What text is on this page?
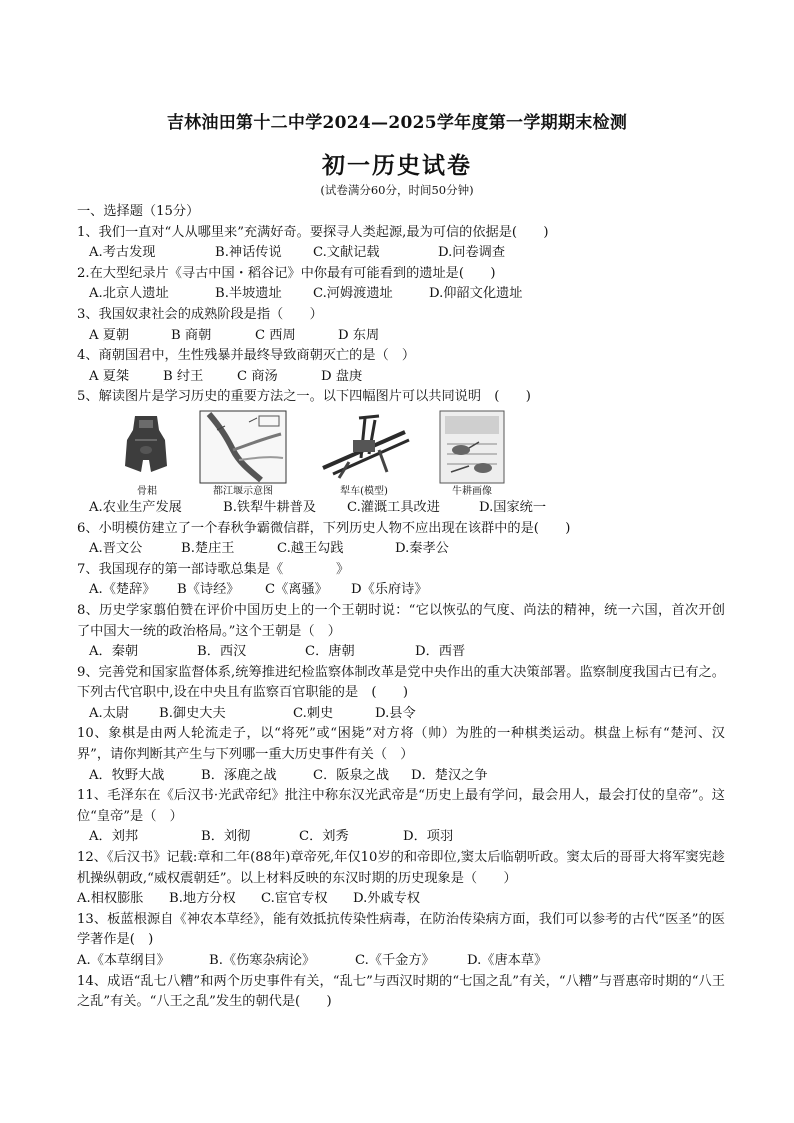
吉林油田第十二中学2024—2025学年度第一学期期末检测
初一历史试卷
(试卷满分60分，时间50分钟)
一、选择题（15分）
1、我们一直对“人从哪里来”充满好奇。要探寻人类起源,最为可信的依据是(　　)
A.考古发现	B.神话传说 C.文献记载	D.问卷调查
2.在大型纪录片《寻古中国・稻谷记》中你最有可能看到的遗址是(　　)
A.北京人遗址	B.半坡遗址 C.河姆渡遗址	D.仰韶文化遗址
3、我国奴隶社会的成熟阶段是指（　　）
A 夏朝	B 商朝	C 西周	D 东周
4、商朝国君中，生性残暴并最终导致商朝灭亡的是（　）
A 夏桀	B 纣王	C 商汤	D 盘庚
5、解读图片是学习历史的重要方法之一。以下四幅图片可以共同说明　(　　)
骨耜	都江堰示意图	犁车(模型)	牛耕画像
A.农业生产发展	B.铁犁牛耕普及 C.灌溉工具改进	D.国家统一
6、小明模仿建立了一个春秋争霸微信群，下列历史人物不应出现在该群中的是(　　)
A.晋文公	B.楚庄王	C.越王勾践	D.秦孝公
7、我国现存的第一部诗歌总集是《　　　　》
A.《楚辞》 B《诗经》 C《离骚》 D《乐府诗》
8、历史学家翦伯赞在评价中国历史上的一个王朝时说：“它以恢弘的气度、尚法的精神，统一六国，首次开创了中国大一统的政治格局。”这个王朝是（　）
A．秦朝	B．西汉	C．唐朝	D．西晋
9、完善党和国家监督体系,统筹推进纪检监察体制改革是党中央作出的重大决策部署。监察制度我国古已有之。下列古代官职中,设在中央且有监察百官职能的是　(　　)
A.太尉 B.御史大夫	C.刺史	D.县令
10、象棋是由两人轮流走子，以“将死”或“困毙”对方将（帅）为胜的一种棋类运动。棋盘上标有“楚河、汉界”，请你判断其产生与下列哪一重大历史事件有关（　）
A．牧野大战	B．涿鹿之战	C．阪泉之战 D．楚汉之争
11、毛泽东在《后汉书·光武帝纪》批注中称东汉光武帝是“历史上最有学问，最会用人，最会打仗的皇帝”。这位“皇帝”是（　）
A．刘邦	B．刘彻	C．刘秀	D．项羽
12、《后汉书》记载:章和二年(88年)章帝死,年仅10岁的和帝即位,窦太后临朝听政。窦太后的哥哥大将军窦宪趁机操纵朝政,“威权震朝廷”。以上材料反映的东汉时期的历史现象是（　　）
A.相权膨胀 B.地方分权 C.宦官专权 D.外戚专权
13、板蓝根源自《神农本草经》，能有效抵抗传染性病毒，在防治传染病方面，我们可以参考的古代“医圣”的医学著作是(　)
A.《本草纲目》	B.《伤寒杂病论》	C.《千金方》 D.《唐本草》
14、成语“乱七八糟”和两个历史事件有关，“乱七”与西汉时期的“七国之乱”有关，“八糟”与晋惠帝时期的“八王之乱”有关。“八王之乱”发生的朝代是(　　)
